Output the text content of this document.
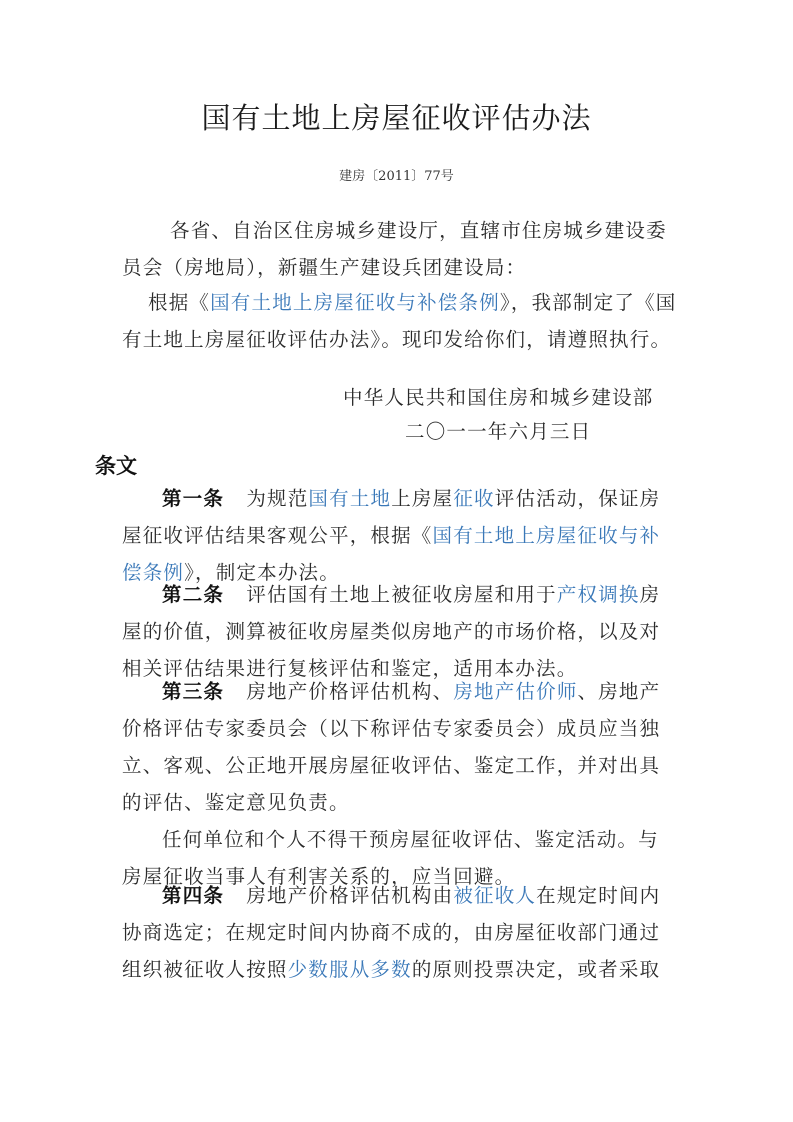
国有土地上房屋征收评估办法
建房〔2011〕77号
各省、自治区住房城乡建设厅，直辖市住房城乡建设委
员会（房地局），新疆生产建设兵团建设局：
根据《国有土地上房屋征收与补偿条例》，我部制定了《国
有土地上房屋征收评估办法》。现印发给你们，请遵照执行。
中华人民共和国住房和城乡建设部
二〇一一年六月三日
条文
第一条 为规范国有土地上房屋征收评估活动，保证房
屋征收评估结果客观公平，根据《国有土地上房屋征收与补
偿条例》，制定本办法。
第二条 评估国有土地上被征收房屋和用于产权调换房
屋的价值，测算被征收房屋类似房地产的市场价格，以及对
相关评估结果进行复核评估和鉴定，适用本办法。
第三条 房地产价格评估机构、房地产估价师、房地产
价格评估专家委员会（以下称评估专家委员会）成员应当独
立、客观、公正地开展房屋征收评估、鉴定工作，并对出具
的评估、鉴定意见负责。
任何单位和个人不得干预房屋征收评估、鉴定活动。与
房屋征收当事人有利害关系的，应当回避。
第四条 房地产价格评估机构由被征收人在规定时间内
协商选定；在规定时间内协商不成的，由房屋征收部门通过
组织被征收人按照少数服从多数的原则投票决定，或者采取
